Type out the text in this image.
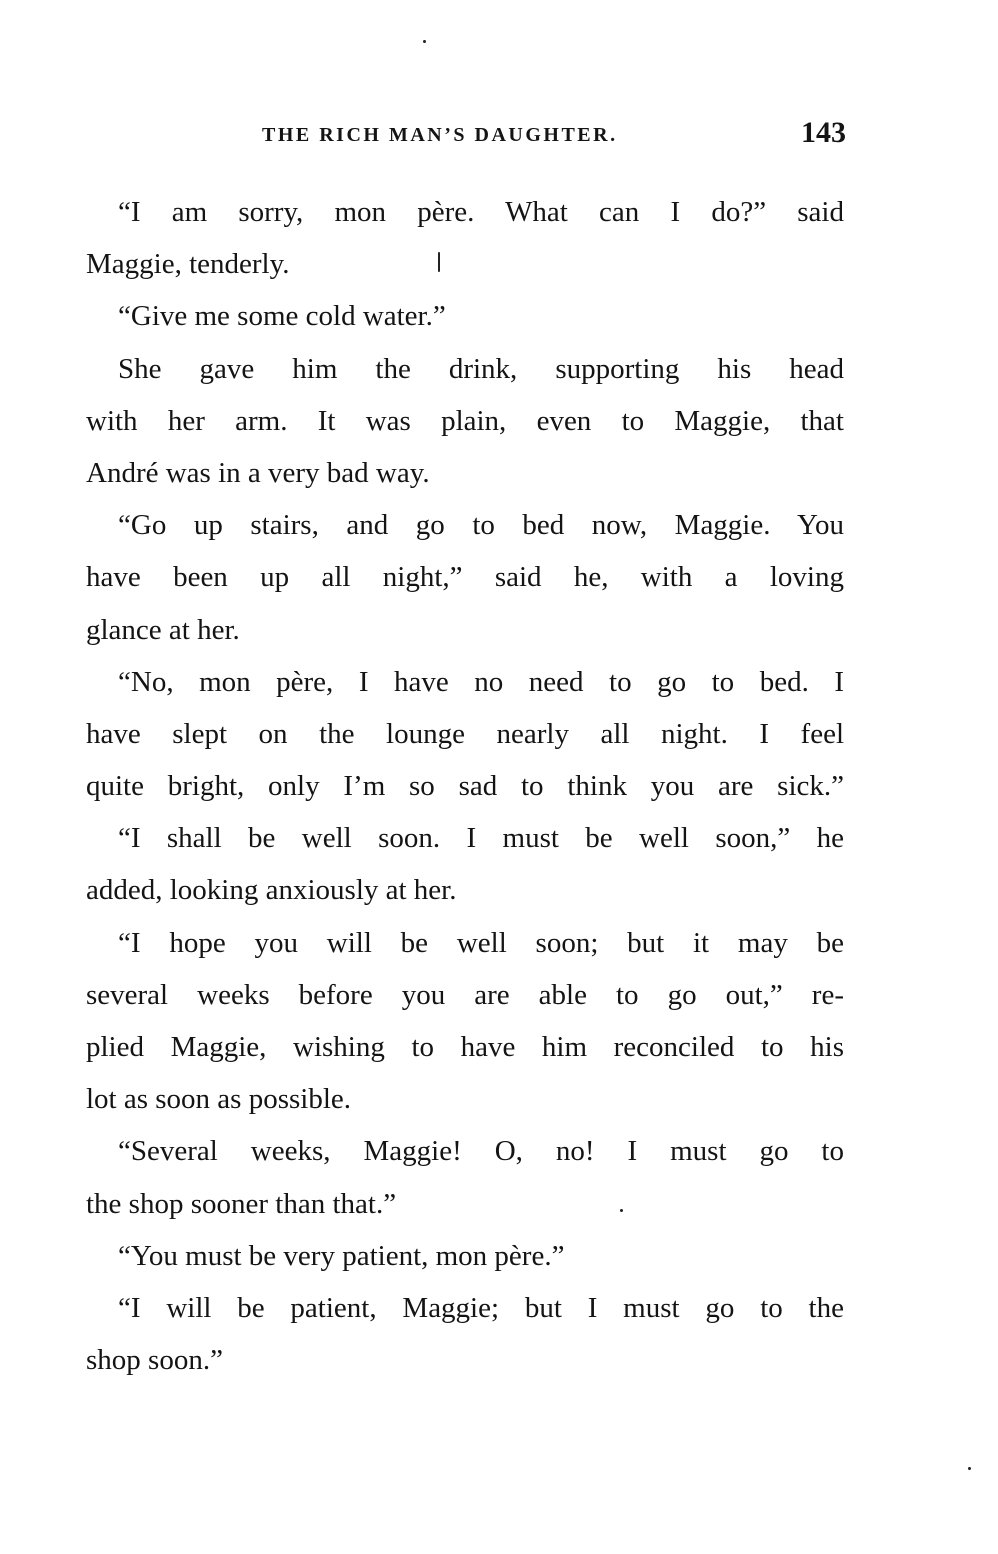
THE RICH MAN’S DAUGHTER.	143
“I am sorry, mon père. What can I do?” said
Maggie, tenderly.
“Give me some cold water.”
She gave him the drink, supporting his head
with her arm. It was plain, even to Maggie, that
André was in a very bad way.
“Go up stairs, and go to bed now, Maggie. You
have been up all night,” said he, with a loving
glance at her.
“No, mon père, I have no need to go to bed. I
have slept on the lounge nearly all night. I feel
quite bright, only I’m so sad to think you are sick.”
“I shall be well soon. I must be well soon,” he
added, looking anxiously at her.
“I hope you will be well soon; but it may be
several weeks before you are able to go out,” re-
plied Maggie, wishing to have him reconciled to his
lot as soon as possible.
“Several weeks, Maggie! O, no! I must go to
the shop sooner than that.”
“You must be very patient, mon père.”
“I will be patient, Maggie; but I must go to the
shop soon.”
